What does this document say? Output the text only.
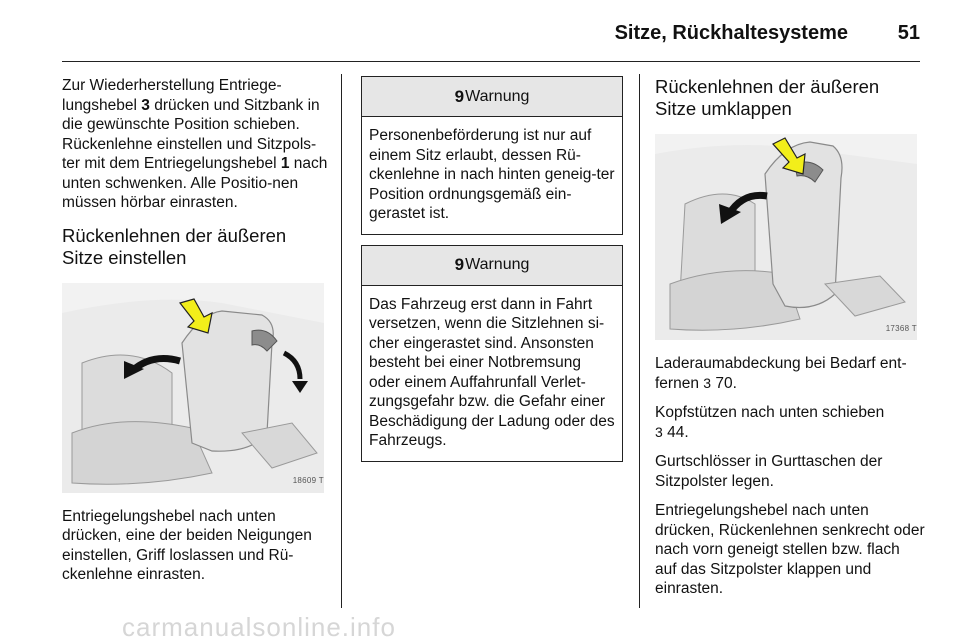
Sitze, Rückhaltesysteme 51

Zur Wiederherstellung Entriege-lungshebel 3 drücken und Sitzbank in die gewünschte Position schieben. Rückenlehne einstellen und Sitzpols-ter mit dem Entriegelungshebel 1 nach unten schwenken. Alle Positio-nen müssen hörbar einrasten.

Rückenlehnen der äußeren Sitze einstellen
18609 T

Entriegelungshebel nach unten drücken, eine der beiden Neigungen einstellen, Griff loslassen und Rü-ckenlehne einrasten.

9 Warnung
Personenbeförderung ist nur auf einem Sitz erlaubt, dessen Rü-ckenlehne in nach hinten geneig-ter Position ordnungsgemäß ein-gerastet ist.
9 Warnung
Das Fahrzeug erst dann in Fahrt versetzen, wenn die Sitzlehnen si-cher eingerastet sind. Ansonsten besteht bei einer Notbremsung oder einem Auffahrunfall Verlet-zungsgefahr bzw. die Gefahr einer Beschädigung der Ladung oder des Fahrzeugs.
Rückenlehnen der äußeren Sitze umklappen
17368 T

Laderaumabdeckung bei Bedarf ent-fernen 3 70.

Kopfstützen nach unten schieben
3 44.

Gurtschlösser in Gurttaschen der Sitzpolster legen.

Entriegelungshebel nach unten drücken, Rückenlehnen senkrecht oder nach vorn geneigt stellen bzw. flach auf das Sitzpolster klappen und einrasten.

carmanualsonline.info
